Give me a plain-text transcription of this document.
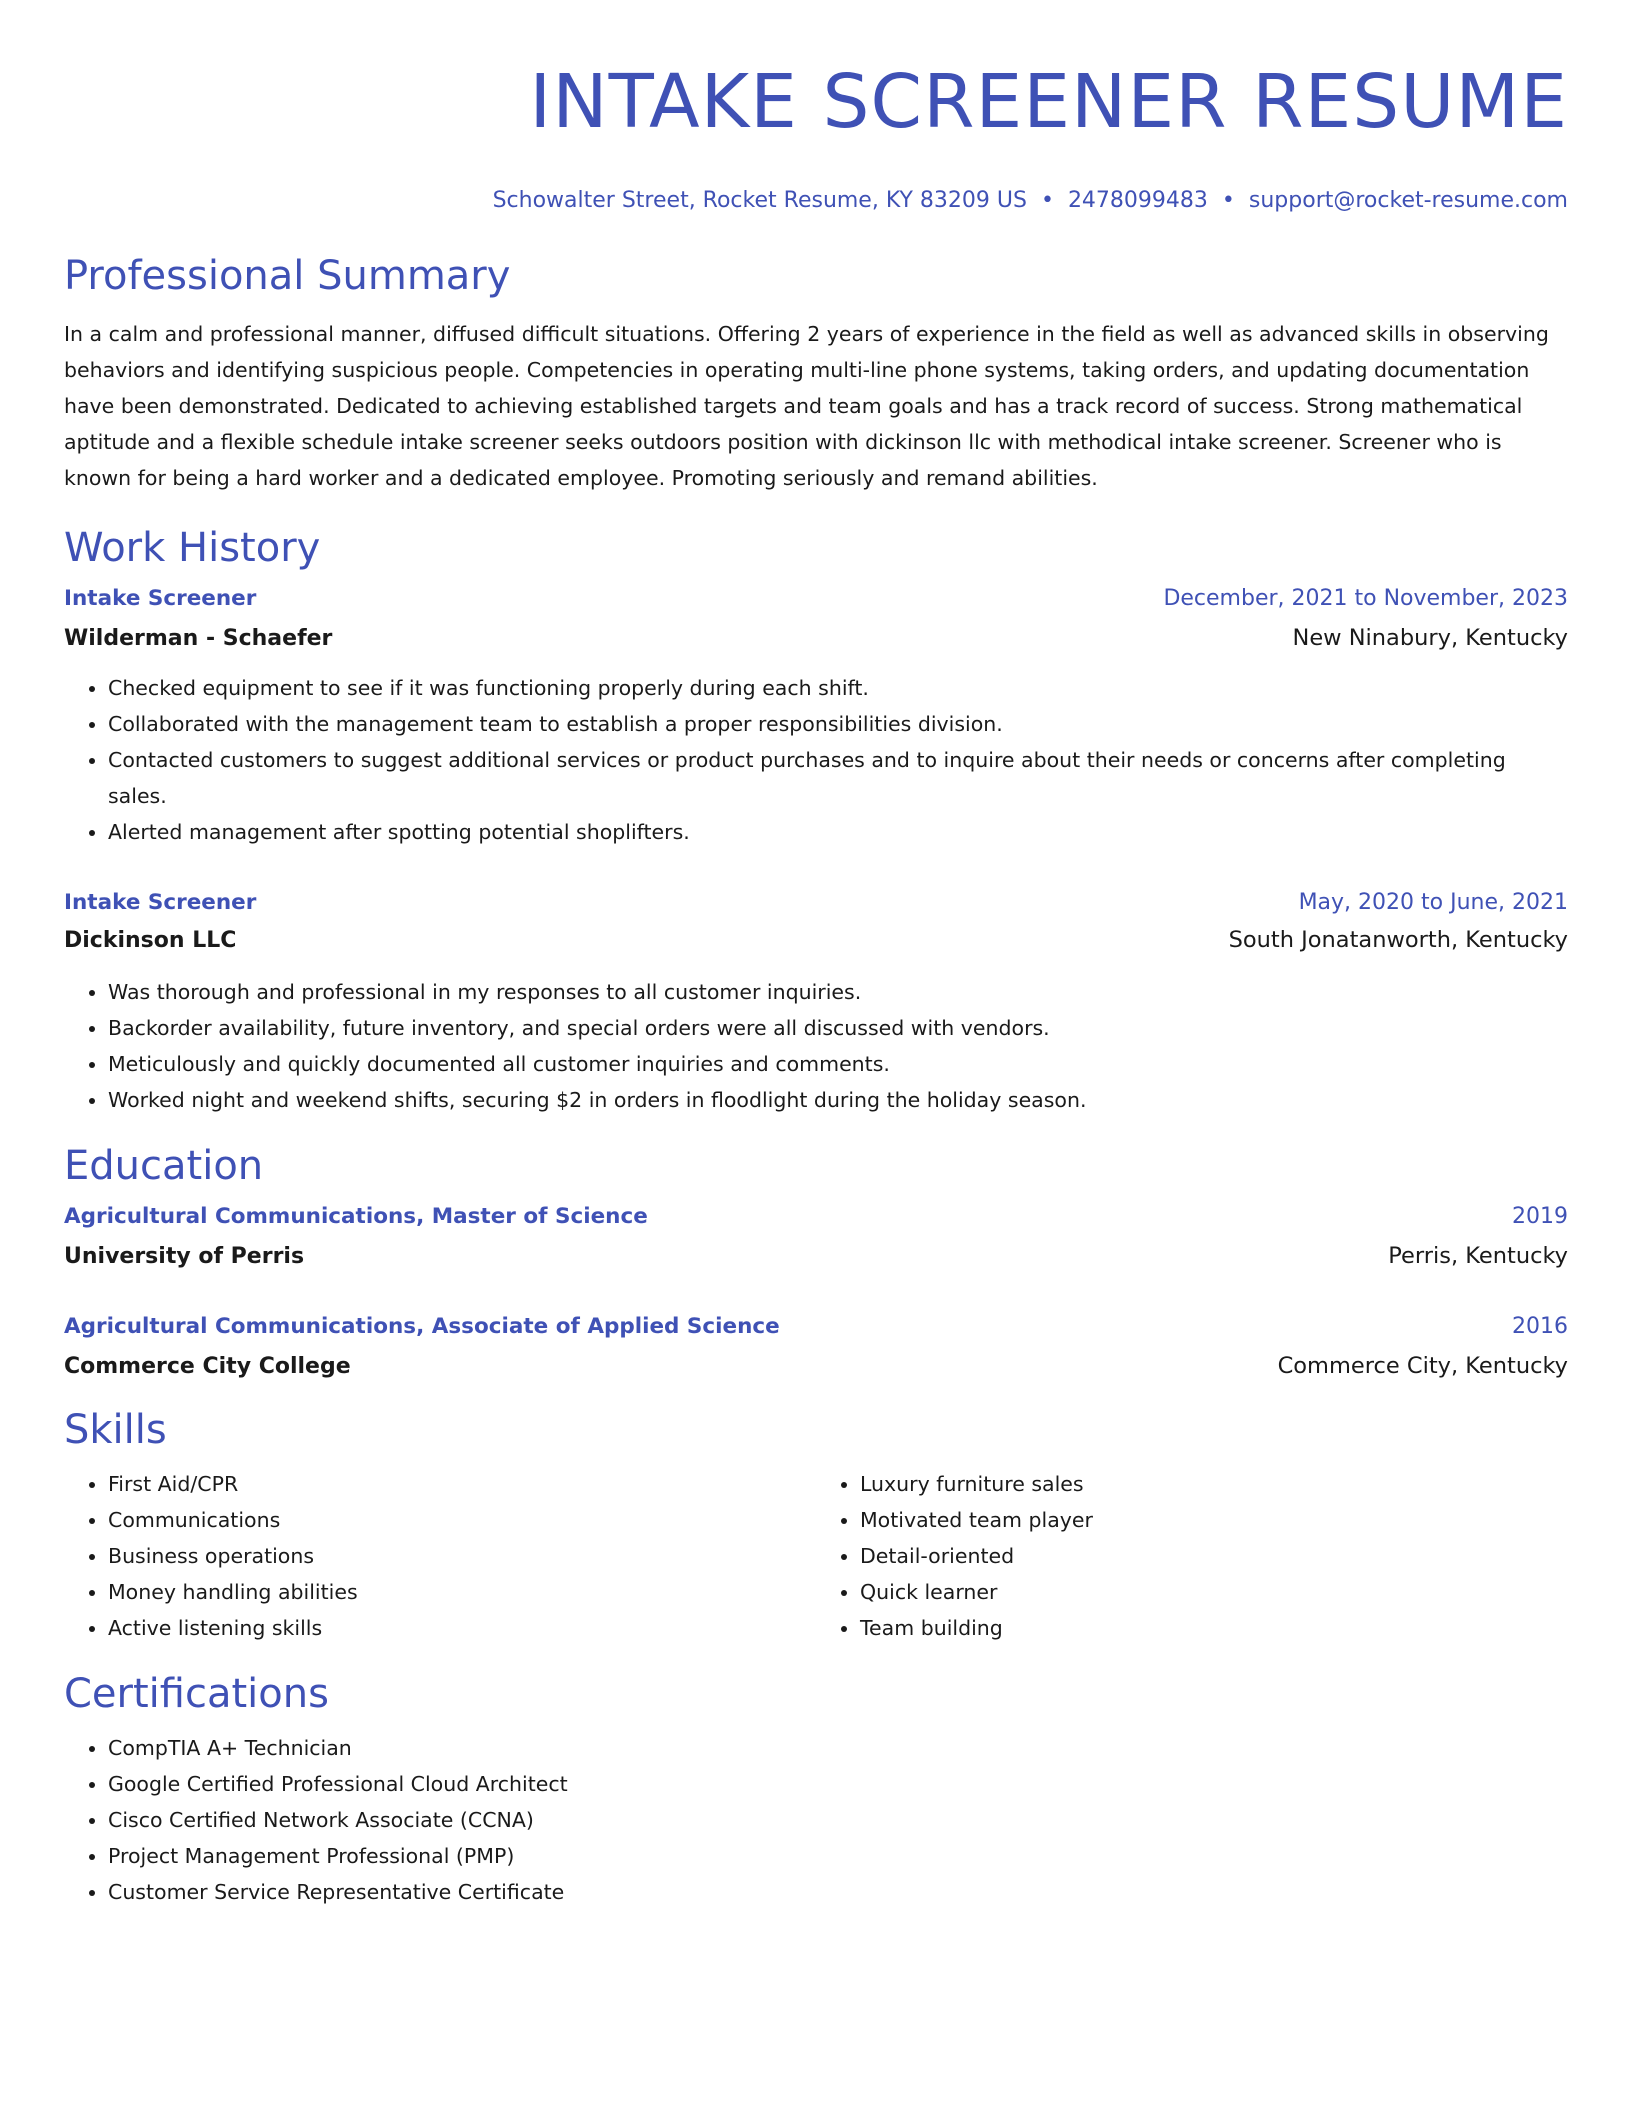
INTAKE SCREENER RESUME
Schowalter Street, Rocket Resume, KY 83209 US • 2478099483 • support@rocket-resume.com
Professional Summary

In a calm and professional manner, diffused difficult situations. Offering 2 years of experience in the field as well as advanced skills in observing behaviors and identifying suspicious people. Competencies in operating multi-line phone systems, taking orders, and updating documentation have been demonstrated. Dedicated to achieving established targets and team goals and has a track record of success. Strong mathematical aptitude and a flexible schedule intake screener seeks outdoors position with dickinson llc with methodical intake screener. Screener who is known for being a hard worker and a dedicated employee. Promoting seriously and remand abilities.

Work History
Intake Screener	December, 2021 to November, 2023
Wilderman - Schaefer	New Ninabury, Kentucky
• Checked equipment to see if it was functioning properly during each shift.
• Collaborated with the management team to establish a proper responsibilities division.
• Contacted customers to suggest additional services or product purchases and to inquire about their needs or concerns after completing sales.
• Alerted management after spotting potential shoplifters.
Intake Screener	May, 2020 to June, 2021
Dickinson LLC	South Jonatanworth, Kentucky
• Was thorough and professional in my responses to all customer inquiries.
• Backorder availability, future inventory, and special orders were all discussed with vendors.
• Meticulously and quickly documented all customer inquiries and comments.
• Worked night and weekend shifts, securing $2 in orders in floodlight during the holiday season.
Education
Agricultural Communications, Master of Science	2019
University of Perris	Perris, Kentucky
Agricultural Communications, Associate of Applied Science	2016
Commerce City College	Commerce City, Kentucky
Skills
• First Aid/CPR
• Communications
• Business operations
• Money handling abilities
• Active listening skills
• Luxury furniture sales
• Motivated team player
• Detail-oriented
• Quick learner
• Team building
Certifications
• CompTIA A+ Technician
• Google Certified Professional Cloud Architect
• Cisco Certified Network Associate (CCNA)
• Project Management Professional (PMP)
• Customer Service Representative Certificate
